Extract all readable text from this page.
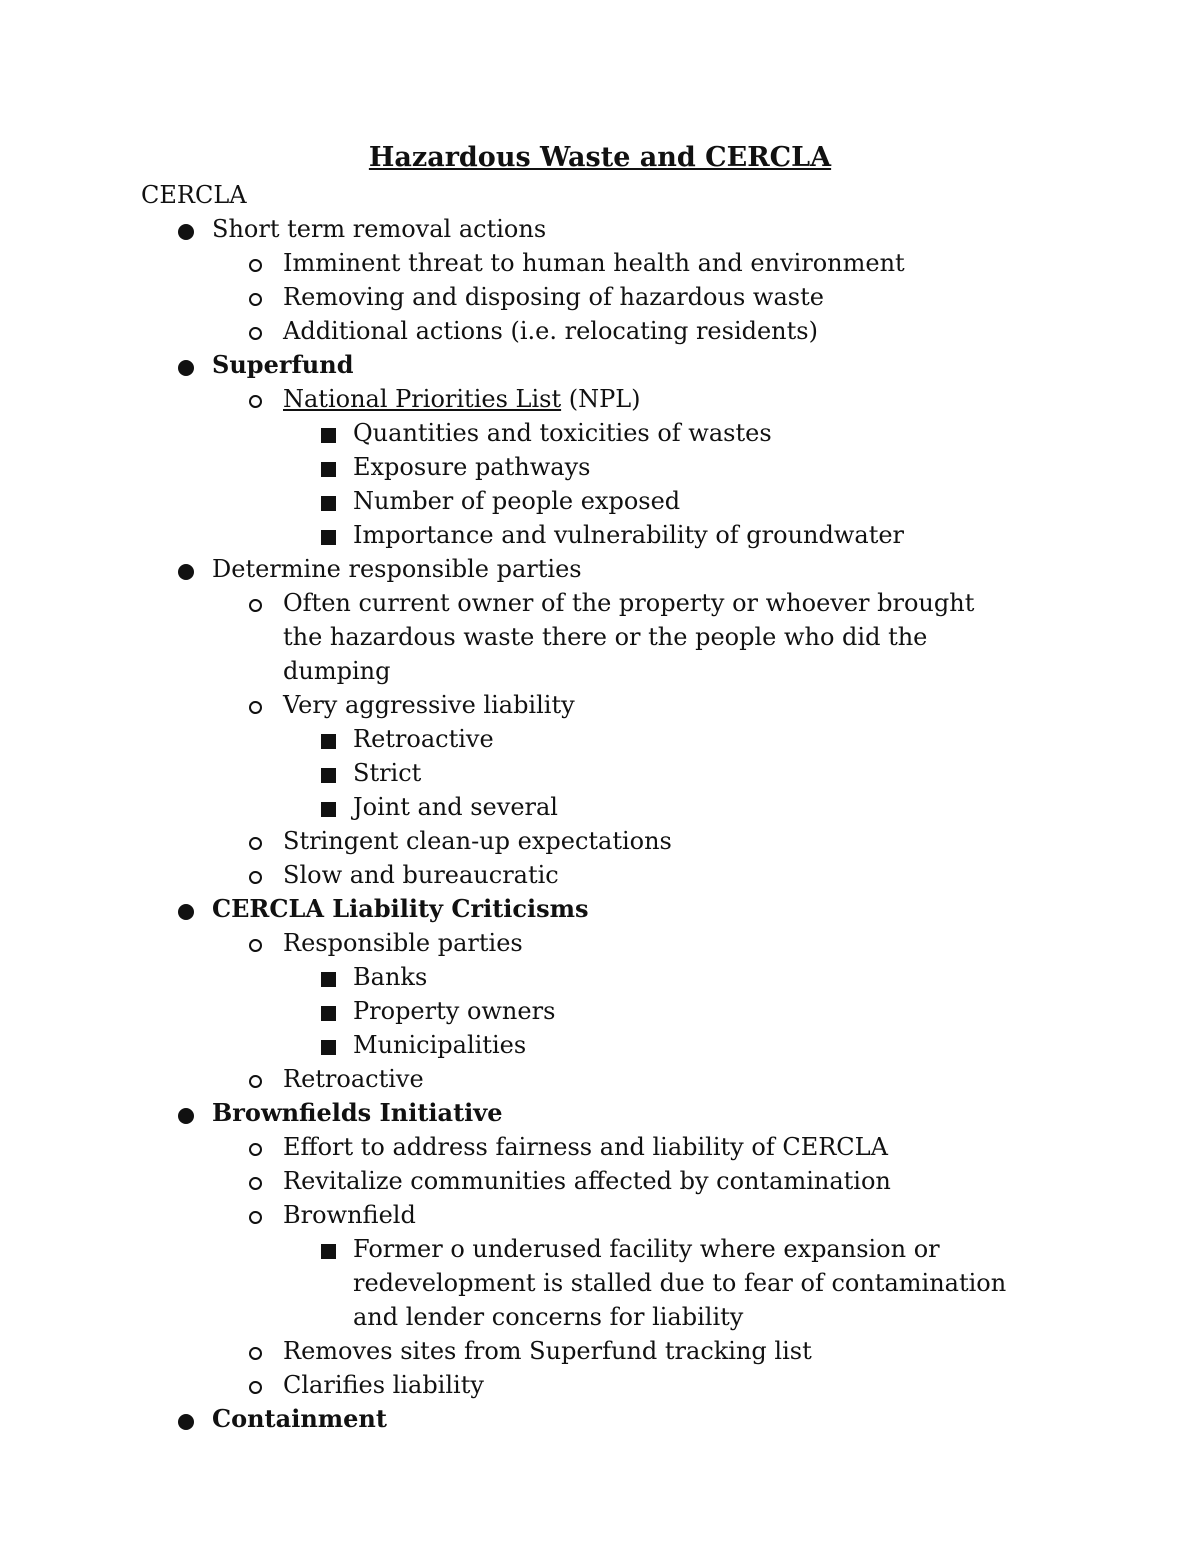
Hazardous Waste and CERCLA
CERCLA
Short term removal actions
Imminent threat to human health and environment
Removing and disposing of hazardous waste
Additional actions (i.e. relocating residents)
Superfund
National Priorities List (NPL)
Quantities and toxicities of wastes
Exposure pathways
Number of people exposed
Importance and vulnerability of groundwater
Determine responsible parties
Often current owner of the property or whoever brought the hazardous waste there or the people who did the dumping
Very aggressive liability
Retroactive
Strict
Joint and several
Stringent clean-up expectations
Slow and bureaucratic
CERCLA Liability Criticisms
Responsible parties
Banks
Property owners
Municipalities
Retroactive
Brownfields Initiative
Effort to address fairness and liability of CERCLA
Revitalize communities affected by contamination
Brownfield
Former o underused facility where expansion or redevelopment is stalled due to fear of contamination and lender concerns for liability
Removes sites from Superfund tracking list
Clarifies liability
Containment
